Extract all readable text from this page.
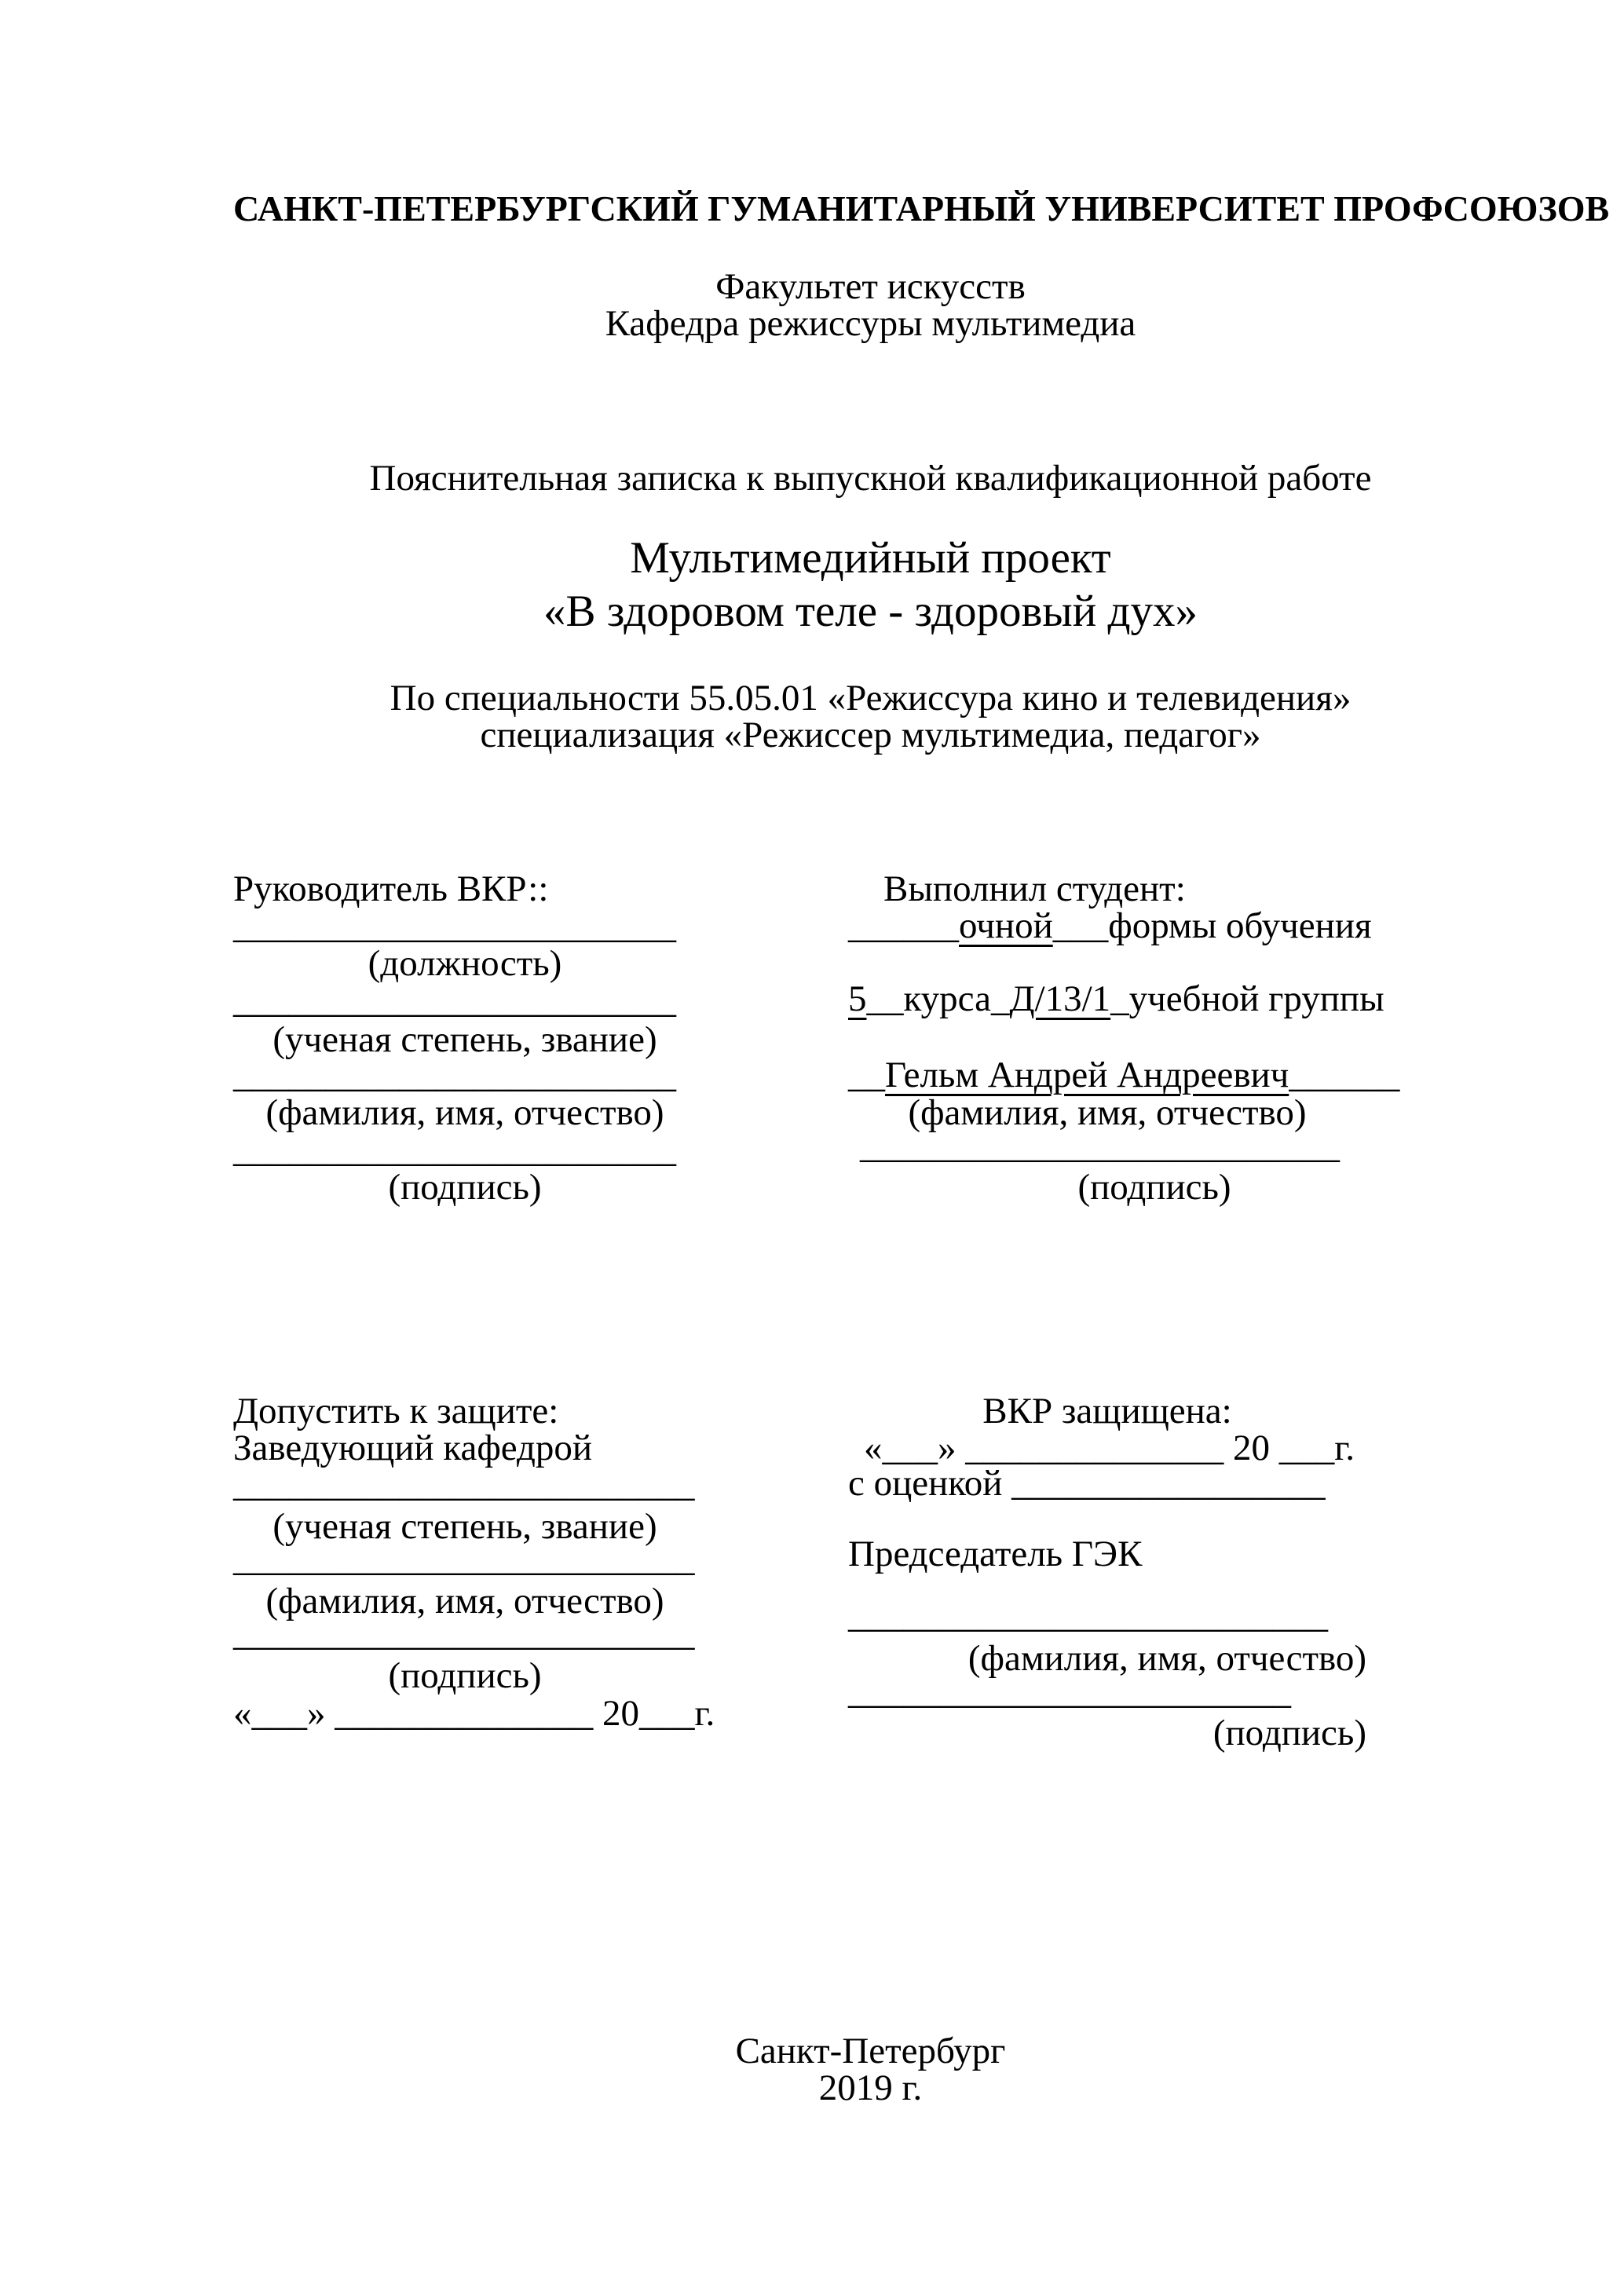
САНКТ-ПЕТЕРБУРГСКИЙ ГУМАНИТАРНЫЙ УНИВЕРСИТЕТ ПРОФСОЮЗОВ
Факультет искусств
Кафедра режиссуры мультимедиа
Пояснительная записка к выпускной квалификационной работе
Мультимедийный проект
«В здоровом теле - здоровый дух»
По специальности 55.05.01 «Режиссура кино и телевидения»
специализация «Режиссер мультимедиа, педагог»
Руководитель ВКР::
________________________
(должность)
________________________
(ученая степень, звание)
________________________
(фамилия, имя, отчество)
________________________
(подпись)
Выполнил студент:
______очной___формы обучения
5__курса_Д/13/1_учебной группы
__Гельм Андрей Андреевич______
(фамилия, имя, отчество)
__________________________
(подпись)
Допустить к защите:
Заведующий кафедрой
_________________________
(ученая степень, звание)
_________________________
(фамилия, имя, отчество)
_________________________
(подпись)
«___» ______________ 20___г.
ВКР защищена:
«___» ______________ 20 ___г.
с оценкой _________________
Председатель ГЭК
__________________________
(фамилия, имя, отчество)
________________________
(подпись)
Санкт-Петербург
2019 г.
